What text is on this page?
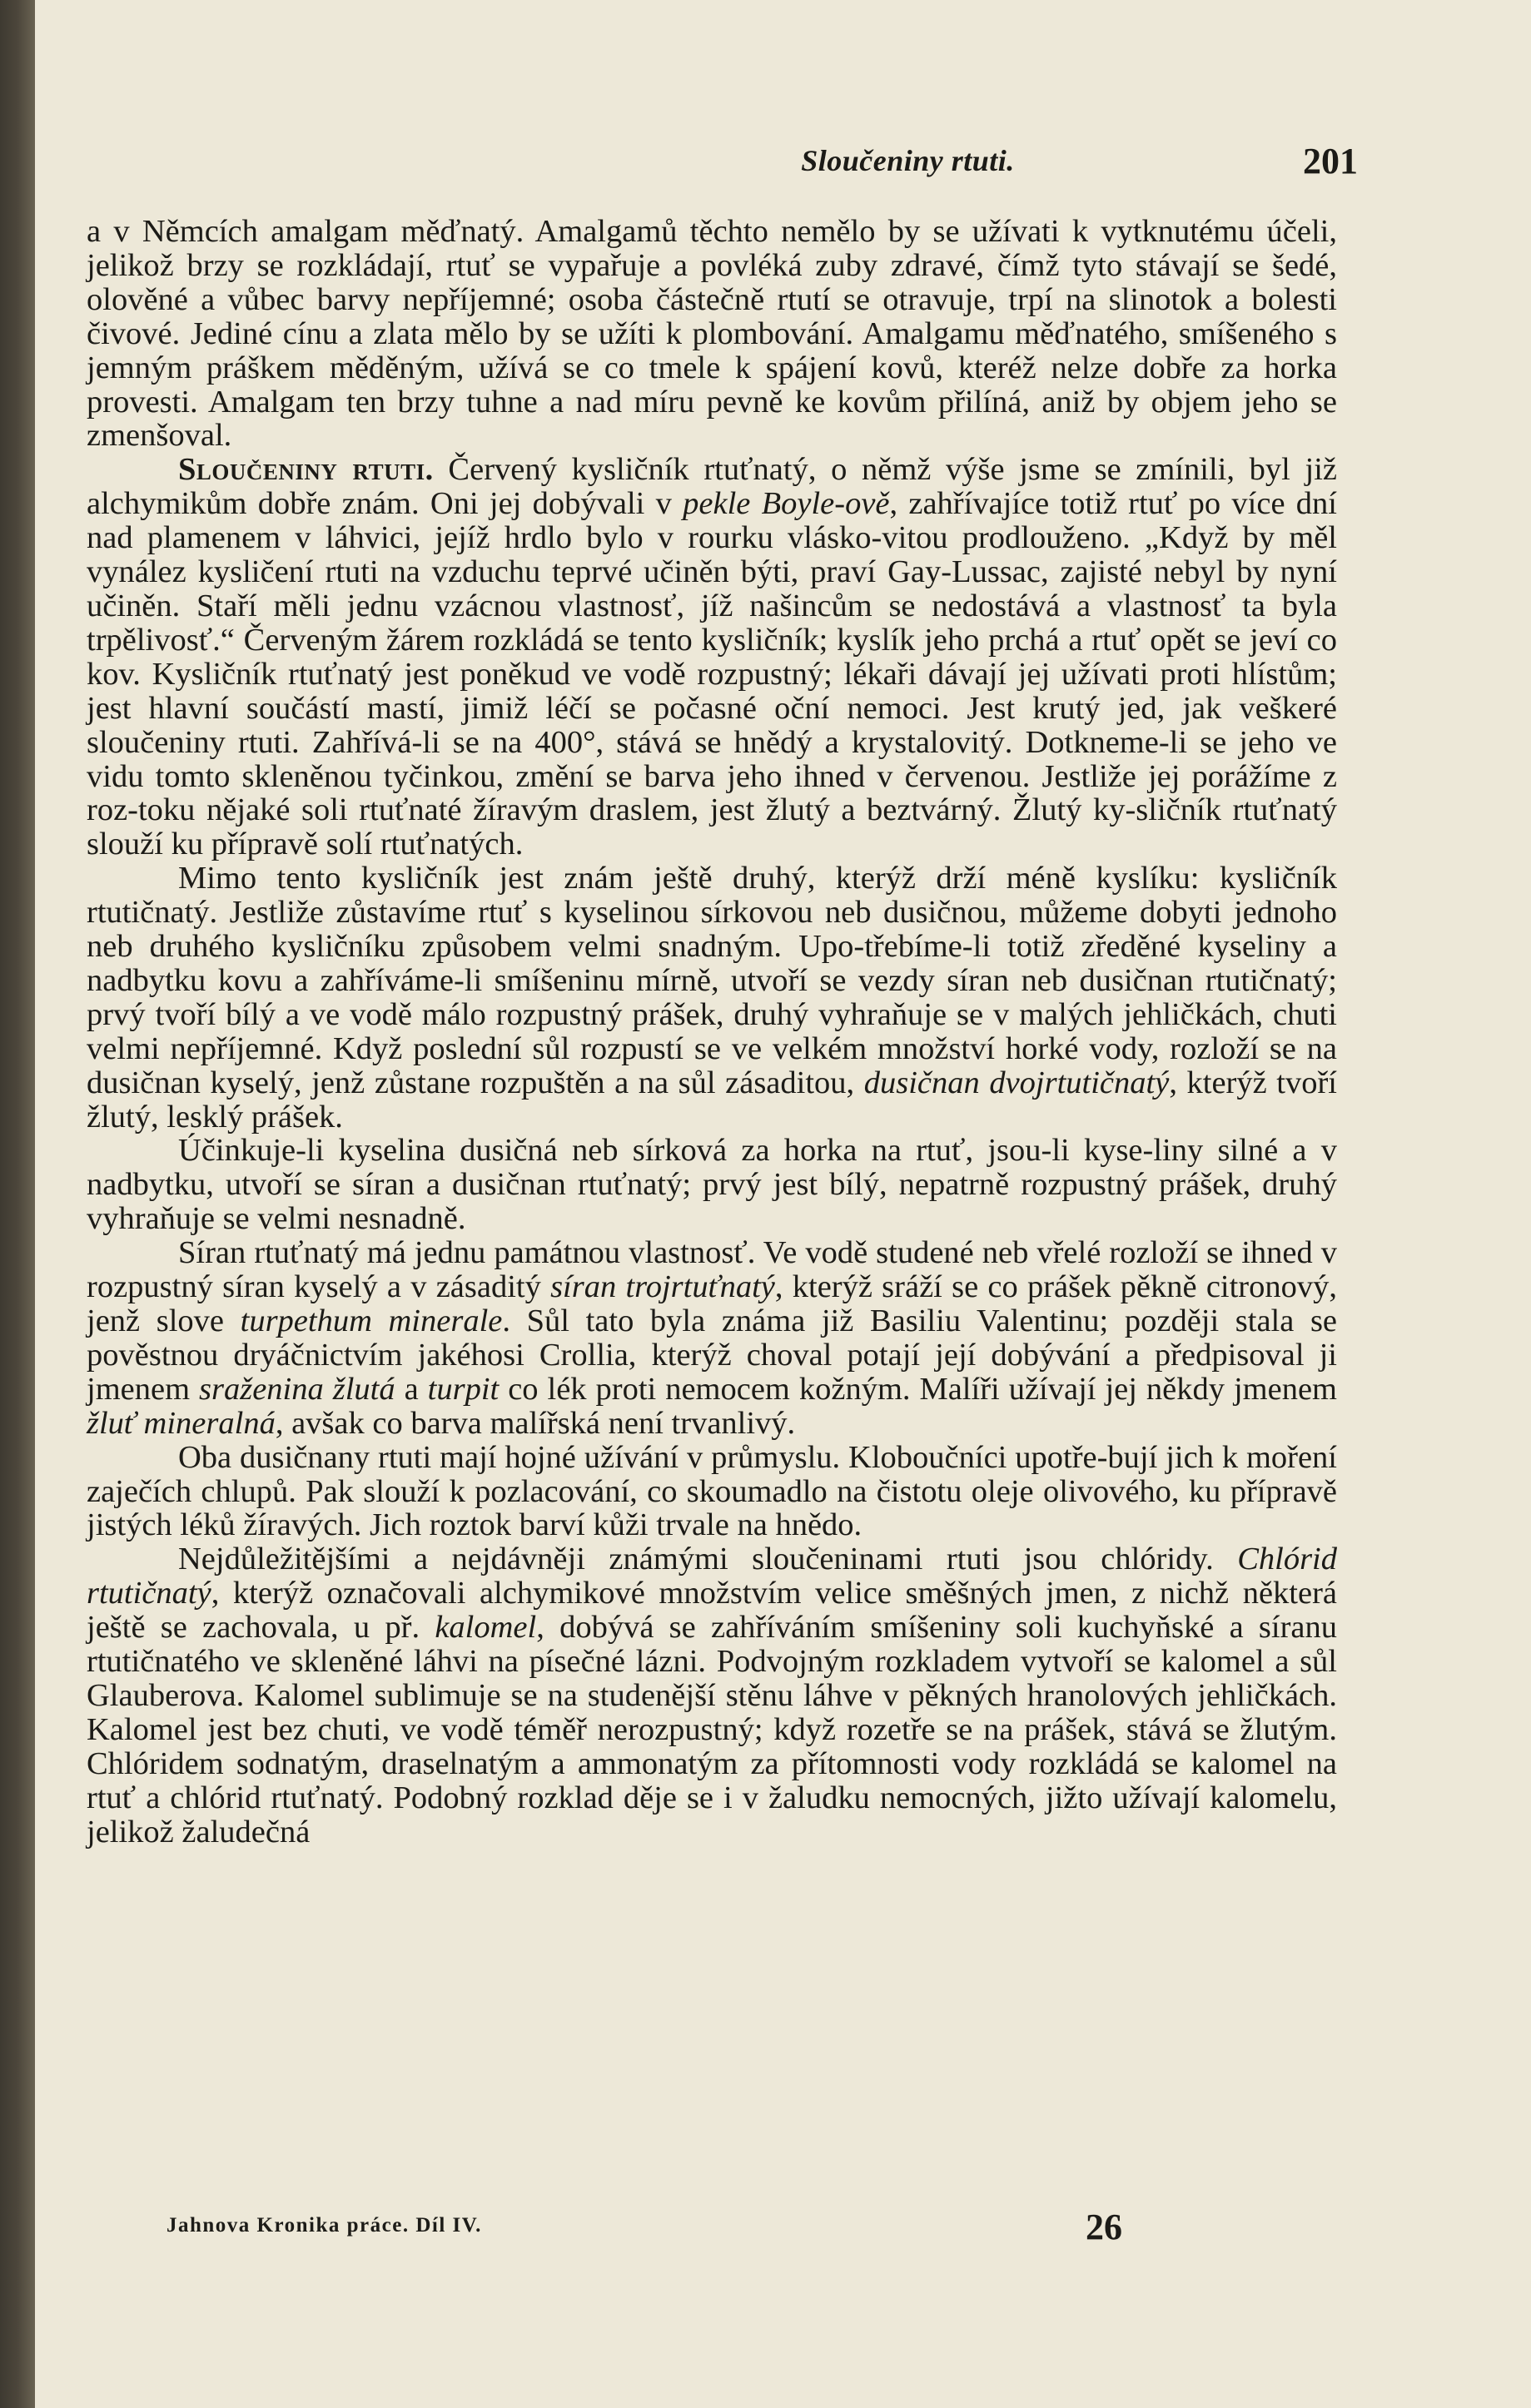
Sloučeniny rtuti.	201

a v Němcích amalgam měďnatý. Amalgamů těchto nemělo by se užívati k vytknutému účeli, jelikož brzy se rozkládají, rtuť se vypařuje a povléká zuby zdravé, čímž tyto stávají se šedé, olověné a vůbec barvy nepříjemné; osoba částečně rtutí se otravuje, trpí na slinotok a bolesti čivové. Jediné cínu a zlata mělo by se užíti k plombování. Amalgamu měďnatého, smíšeného s jemným práškem měděným, užívá se co tmele k spájení kovů, kteréž nelze dobře za horka provesti. Amalgam ten brzy tuhne a nad míru pevně ke kovům přilíná, aniž by objem jeho se zmenšoval.

Sloučeniny rtuti. Červený kysličník rtuťnatý, o němž výše jsme se zmínili, byl již alchymikům dobře znám. Oni jej dobývali v pekle Boyle-ově, zahřívajíce totiž rtuť po více dní nad plamenem v láhvici, jejíž hrdlo bylo v rourku vlásko-vitou prodlouženo. „Když by měl vynález kysličení rtuti na vzduchu teprvé učiněn býti, praví Gay-Lussac, zajisté nebyl by nyní učiněn. Staří měli jednu vzácnou vlastnosť, jíž našincům se nedostává a vlastnosť ta byla trpělivosť.“ Červeným žárem rozkládá se tento kysličník; kyslík jeho prchá a rtuť opět se jeví co kov. Kysličník rtuťnatý jest poněkud ve vodě rozpustný; lékaři dávají jej užívati proti hlístům; jest hlavní součástí mastí, jimiž léčí se počasné oční nemoci. Jest krutý jed, jak veškeré sloučeniny rtuti. Zahřívá-li se na 400°, stává se hnědý a krystalovitý. Dotkneme-li se jeho ve vidu tomto skleněnou tyčinkou, změní se barva jeho ihned v červenou. Jestliže jej porážíme z roz-toku nějaké soli rtuťnaté žíravým draslem, jest žlutý a beztvárný. Žlutý ky-sličník rtuťnatý slouží ku přípravě solí rtuťnatých.

Mimo tento kysličník jest znám ještě druhý, kterýž drží méně kyslíku: kysličník rtutičnatý. Jestliže zůstavíme rtuť s kyselinou sírkovou neb dusičnou, můžeme dobyti jednoho neb druhého kysličníku způsobem velmi snadným. Upo-třebíme-li totiž zředěné kyseliny a nadbytku kovu a zahříváme-li smíšeninu mírně, utvoří se vezdy síran neb dusičnan rtutičnatý; prvý tvoří bílý a ve vodě málo rozpustný prášek, druhý vyhraňuje se v malých jehličkách, chuti velmi nepříjemné. Když poslední sůl rozpustí se ve velkém množství horké vody, rozloží se na dusičnan kyselý, jenž zůstane rozpuštěn a na sůl zásaditou, dusičnan dvojrtutičnatý, kterýž tvoří žlutý, lesklý prášek.

Účinkuje-li kyselina dusičná neb sírková za horka na rtuť, jsou-li kyse-liny silné a v nadbytku, utvoří se síran a dusičnan rtuťnatý; prvý jest bílý, nepatrně rozpustný prášek, druhý vyhraňuje se velmi nesnadně.

Síran rtuťnatý má jednu památnou vlastnosť. Ve vodě studené neb vřelé rozloží se ihned v rozpustný síran kyselý a v zásaditý síran trojrtuťnatý, kterýž sráží se co prášek pěkně citronový, jenž slove turpethum minerale. Sůl tato byla známa již Basiliu Valentinu; později stala se pověstnou dryáčnictvím jakéhosi Crollia, kterýž choval potají její dobývání a předpisoval ji jmenem sraženina žlutá a turpit co lék proti nemocem kožným. Malíři užívají jej někdy jmenem žluť mineralná, avšak co barva malířská není trvanlivý.

Oba dusičnany rtuti mají hojné užívání v průmyslu. Kloboučníci upotře-bují jich k moření zaječích chlupů. Pak slouží k pozlacování, co skoumadlo na čistotu oleje olivového, ku přípravě jistých léků žíravých. Jich roztok barví kůži trvale na hnědo.

Nejdůležitějšími a nejdávněji známými sloučeninami rtuti jsou chlóridy. Chlórid rtutičnatý, kterýž označovali alchymikové množstvím velice směšných jmen, z nichž některá ještě se zachovala, u př. kalomel, dobývá se zahříváním smíšeniny soli kuchyňské a síranu rtutičnatého ve skleněné láhvi na písečné lázni. Podvojným rozkladem vytvoří se kalomel a sůl Glauberova. Kalomel sublimuje se na studenější stěnu láhve v pěkných hranolových jehličkách. Kalomel jest bez chuti, ve vodě téměř nerozpustný; když rozetře se na prášek, stává se žlutým. Chlóridem sodnatým, draselnatým a ammonatým za přítomnosti vody rozkládá se kalomel na rtuť a chlórid rtuťnatý. Podobný rozklad děje se i v žaludku nemocných, jižto užívají kalomelu, jelikož žaludečná

Jahnova Kronika práce. Díl IV.	26
